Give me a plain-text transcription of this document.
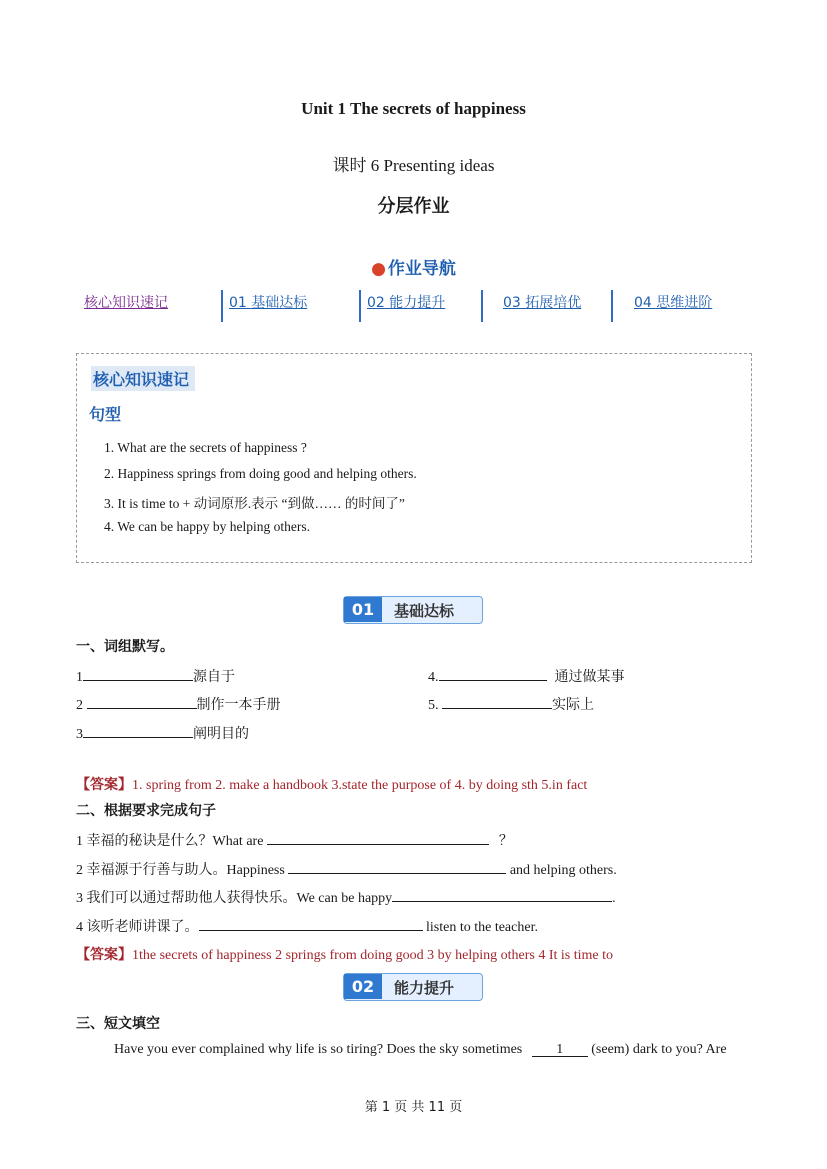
Unit 1 The secrets of happiness
课时 6 Presenting ideas
分层作业
● 作业导航
核心知识速记	01 基础达标	02 能力提升	03 拓展培优	04 思维进阶
核心知识速记
句型
1. What are the secrets of happiness ?
2. Happiness springs from doing good and helping others.
3. It is time to + 动词原形.表示 “到做…… 的时间了”
4. We can be happy by helping others.
01	基础达标
一、词组默写。
1	源自于
2	制作一本手册
3	阐明目的
4.	通过做某事
5.	实际上
【答案】1. spring from 2. make a handbook 3.state the purpose of 4. by doing sth 5.in fact
二、根据要求完成句子
1 幸福的秘诀是什么？What are	？
2 幸福源于行善与助人。Happiness	and helping others.
3 我们可以通过帮助他人获得快乐。We can be happy	.
4 该听老师讲课了。	listen to the teacher.
【答案】1the secrets of happiness 2 springs from doing good 3 by helping others 4 It is time to
02	能力提升
三、短文填空
Have you ever complained why life is so tiring? Does the sky sometimes 1 (seem) dark to you? Are
第 1 页 共 11 页
